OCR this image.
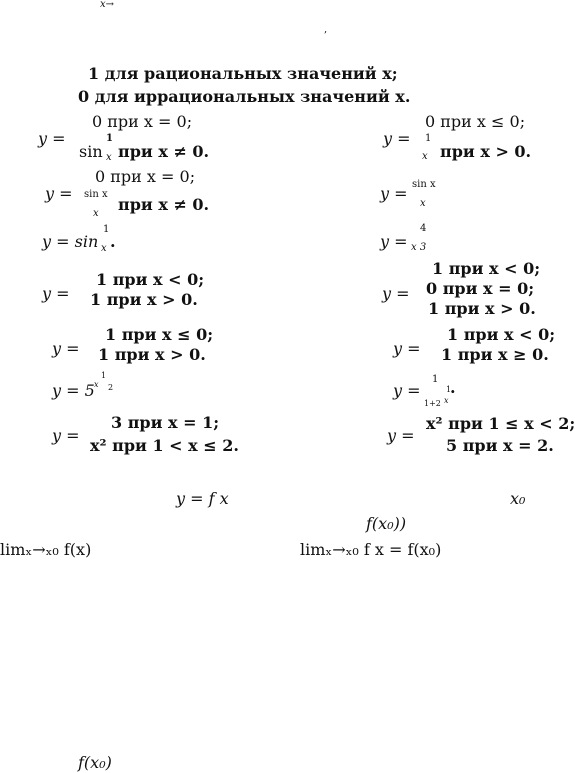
x→
,
1 для рациональных значений x;
0 для иррациональных значений x.
y =
0 при x = 0;
sin
1
x при x ≠ 0.
y =
0 при x ≤ 0;
1
x при x > 0.
y =
0 при x = 0;
sin x
x при x ≠ 0.
y = sin x
x
y = sin
1
x .	y =
4
x 3
y =
1 при x < 0;
1 при x > 0.	y =
1 при x < 0;
0 при x = 0;
1 при x > 0.
y =
1 при x ≤ 0;
1 при x > 0.	y =
1 при x < 0;
1 при x ≥ 0.
y = 5 x
1
2	y =
1
1+2 x
1
.
y =
3 при x = 1;
x² при 1 < x ≤ 2.
y =
x² при 1 ≤ x < 2;
5 при x = 2.
y = f x	x₀
f(x₀))
limₓ→ₓ₀ f(x)	limₓ→ₓ₀ f x = f(x₀)
f(x₀)
